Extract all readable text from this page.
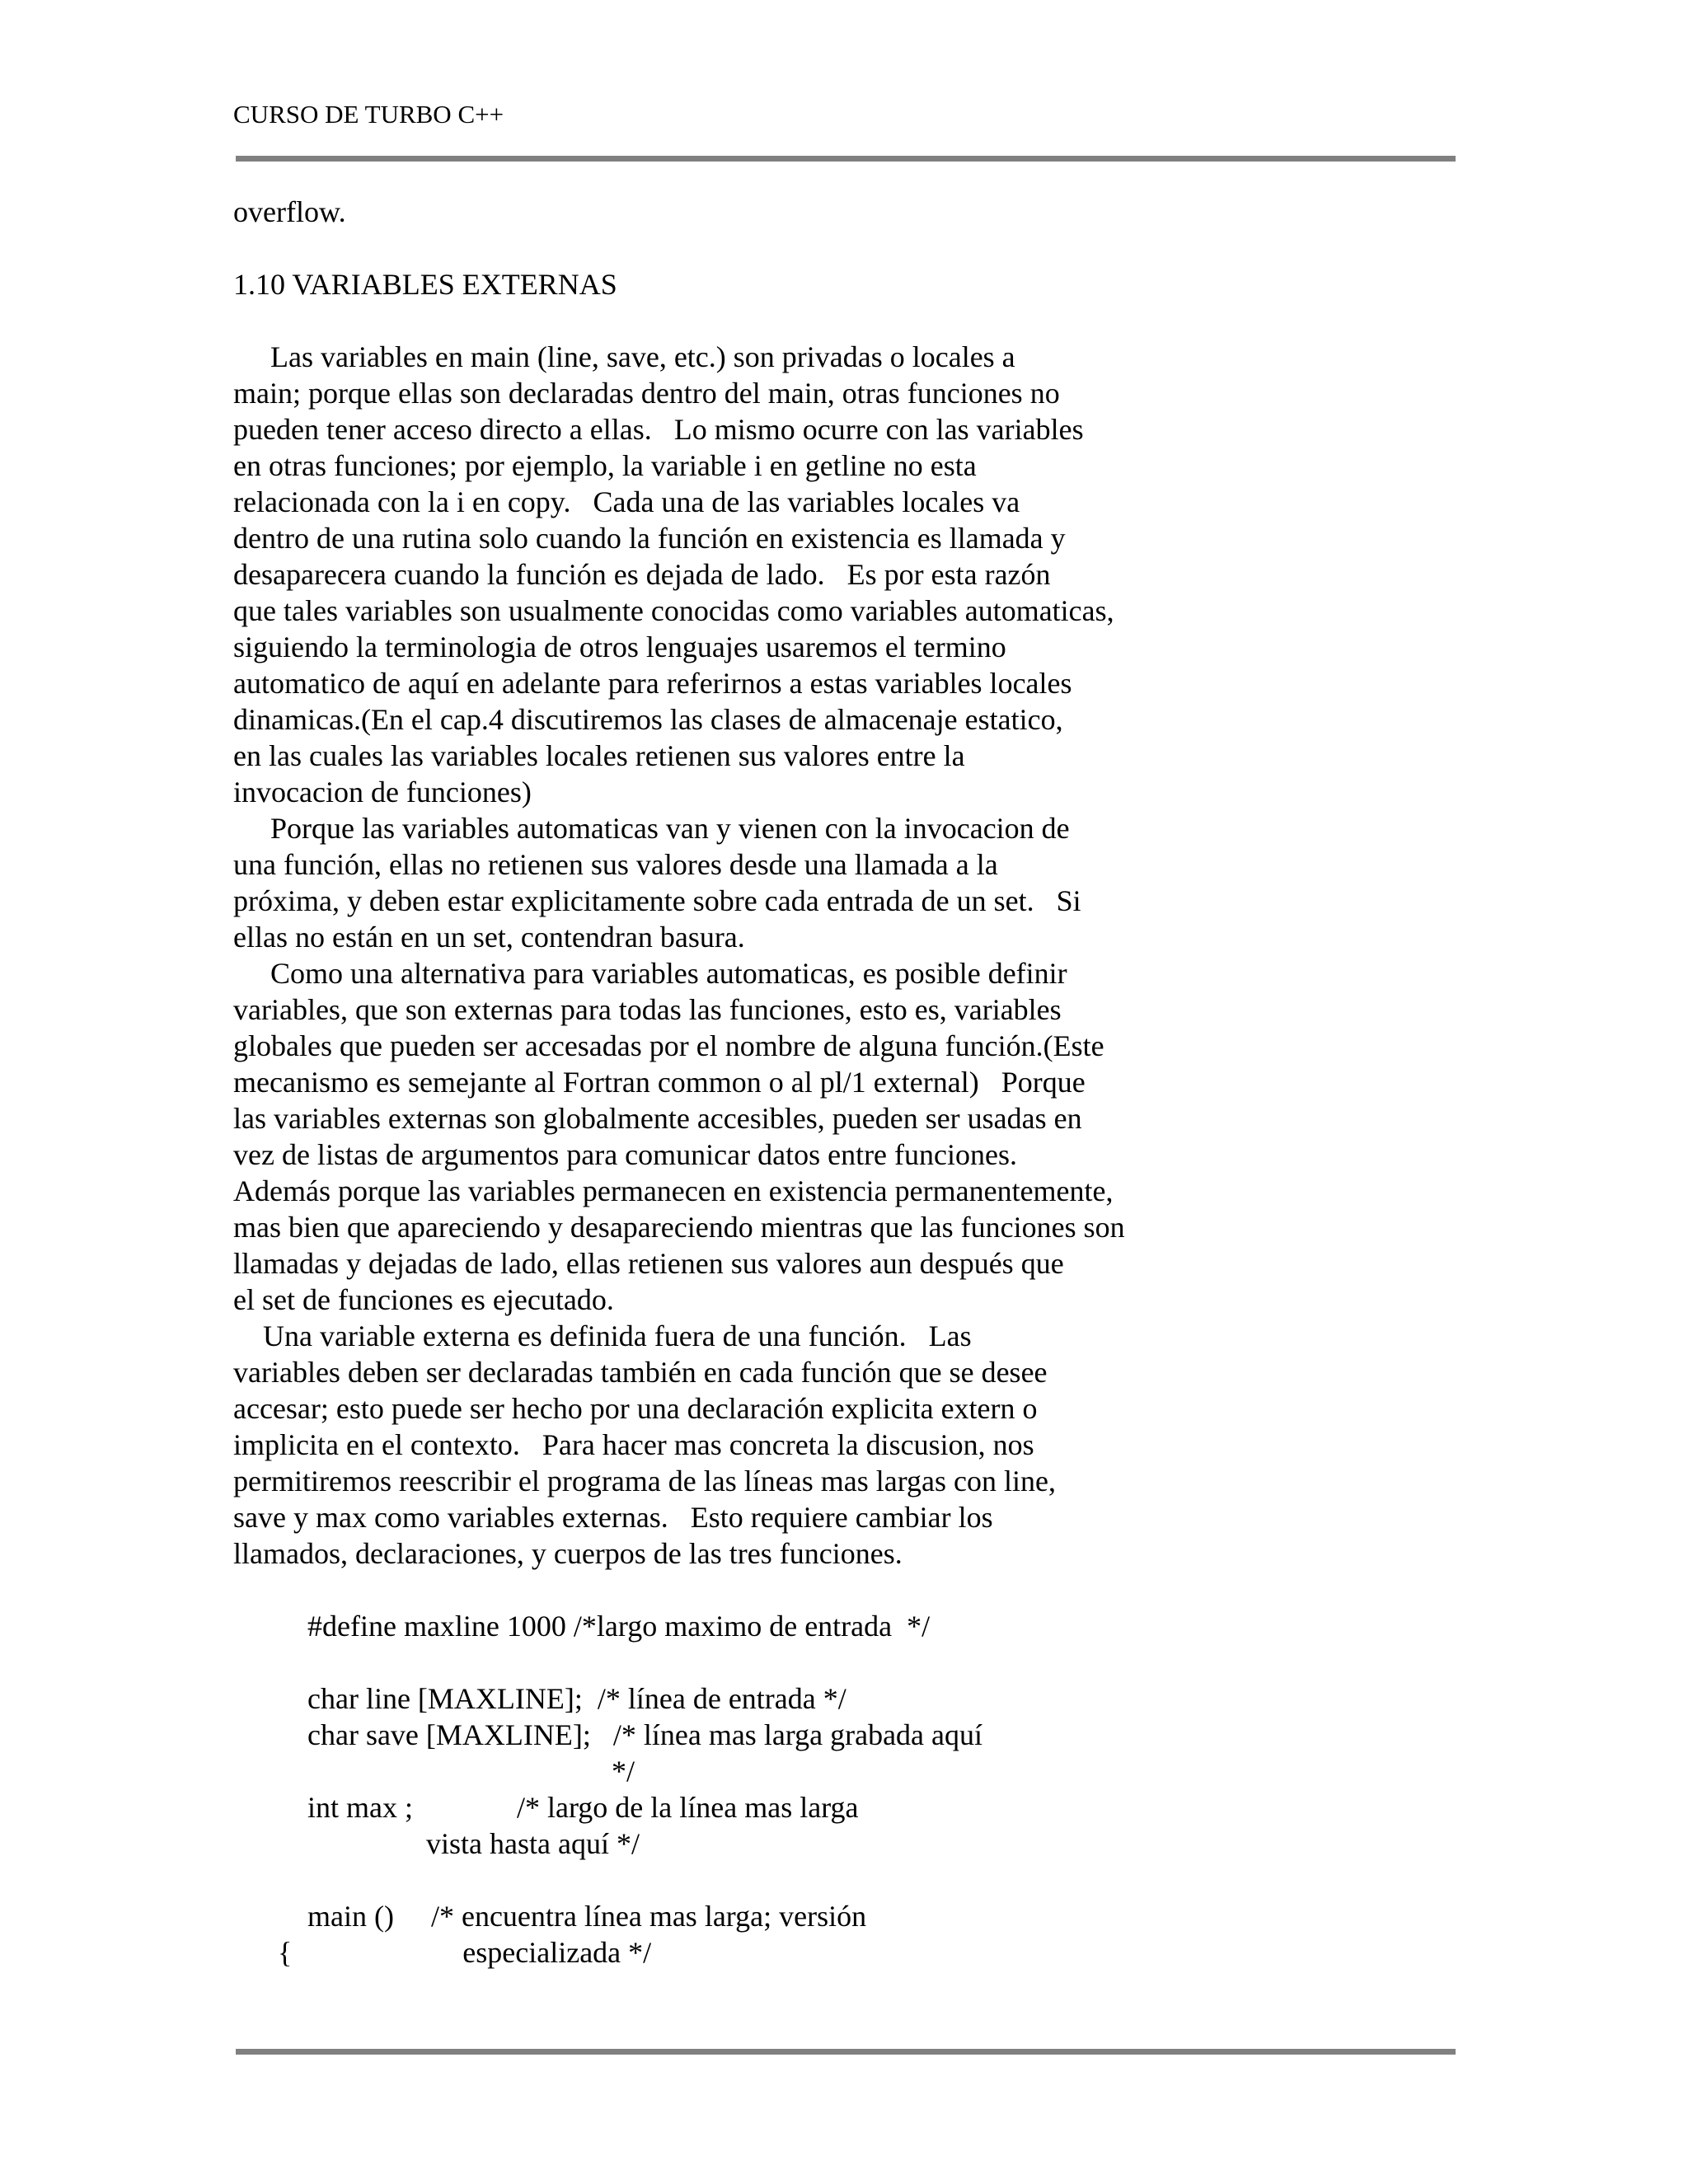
CURSO DE TURBO C++
overflow.
1.10 VARIABLES EXTERNAS
Las variables en main (line, save, etc.) son privadas o locales a
main; porque ellas son declaradas dentro del main, otras funciones no
pueden tener acceso directo a ellas.   Lo mismo ocurre con las variables
en otras funciones; por ejemplo, la variable i en getline no esta
relacionada con la i en copy.   Cada una de las variables locales va
dentro de una rutina solo cuando la función en existencia es llamada y
desaparecera cuando la función es dejada de lado.   Es por esta razón
que tales variables son usualmente conocidas como variables automaticas,
siguiendo la terminologia de otros lenguajes usaremos el termino
automatico de aquí en adelante para referirnos a estas variables locales
dinamicas.(En el cap.4 discutiremos las clases de almacenaje estatico,
en las cuales las variables locales retienen sus valores entre la
invocacion de funciones)
Porque las variables automaticas van y vienen con la invocacion de
una función, ellas no retienen sus valores desde una llamada a la
próxima, y deben estar explicitamente sobre cada entrada de un set.   Si
ellas no están en un set, contendran basura.
Como una alternativa para variables automaticas, es posible definir
variables, que son externas para todas las funciones, esto es, variables
globales que pueden ser accesadas por el nombre de alguna función.(Este
mecanismo es semejante al Fortran common o al pl/1 external)   Porque
las variables externas son globalmente accesibles, pueden ser usadas en
vez de listas de argumentos para comunicar datos entre funciones.
Además porque las variables permanecen en existencia permanentemente,
mas bien que apareciendo y desapareciendo mientras que las funciones son
llamadas y dejadas de lado, ellas retienen sus valores aun después que
el set de funciones es ejecutado.
Una variable externa es definida fuera de una función.   Las
variables deben ser declaradas también en cada función que se desee
accesar; esto puede ser hecho por una declaración explicita extern o
implicita en el contexto.   Para hacer mas concreta la discusion, nos
permitiremos reescribir el programa de las líneas mas largas con line,
save y max como variables externas.   Esto requiere cambiar los
llamados, declaraciones, y cuerpos de las tres funciones.
#define maxline 1000 /*largo maximo de entrada  */
char line [MAXLINE];  /* línea de entrada */
char save [MAXLINE];   /* línea mas larga grabada aquí
*/
int max ;              /* largo de la línea mas larga
vista hasta aquí */
main ()     /* encuentra línea mas larga; versión
{                       especializada */
